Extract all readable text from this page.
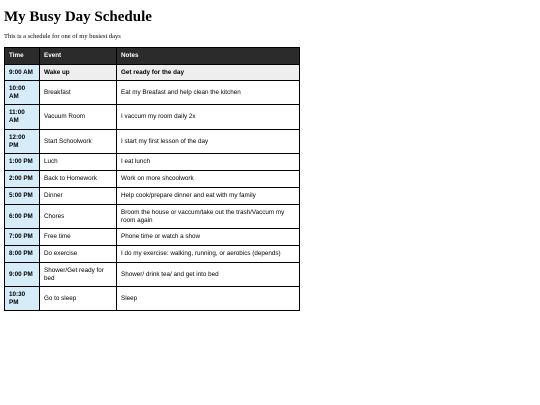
My Busy Day Schedule

This is a schedule for one of my busiest days

Time	Event	Notes
9:00 AM	Wake up	Get ready for the day
10:00 AM	Breakfast	Eat my Breafast and help clean the kitchen
11:00 AM	Vacuum Room	I vaccum my room daily 2x
12:00 PM	Start Schoolwork	I start my first lesson of the day
1:00 PM	Luch	I eat lunch
2:00 PM	Back to Homework	Work on more shcoolwork
5:00 PM	Dinner	Help cook/prepare dinner and eat with my family
6:00 PM	Chores	Broom the house or vaccum/take out the trash/Vaccum my room again
7:00 PM	Free time	Phone time or watch a show
8:00 PM	Do exercise	I do my exercise: walking, running, or aerobics (depends)
9:00 PM	Shower/Get ready for bed	Shower/ drink tea/ and get into bed
10:30 PM	Go to sleep	Sleep
